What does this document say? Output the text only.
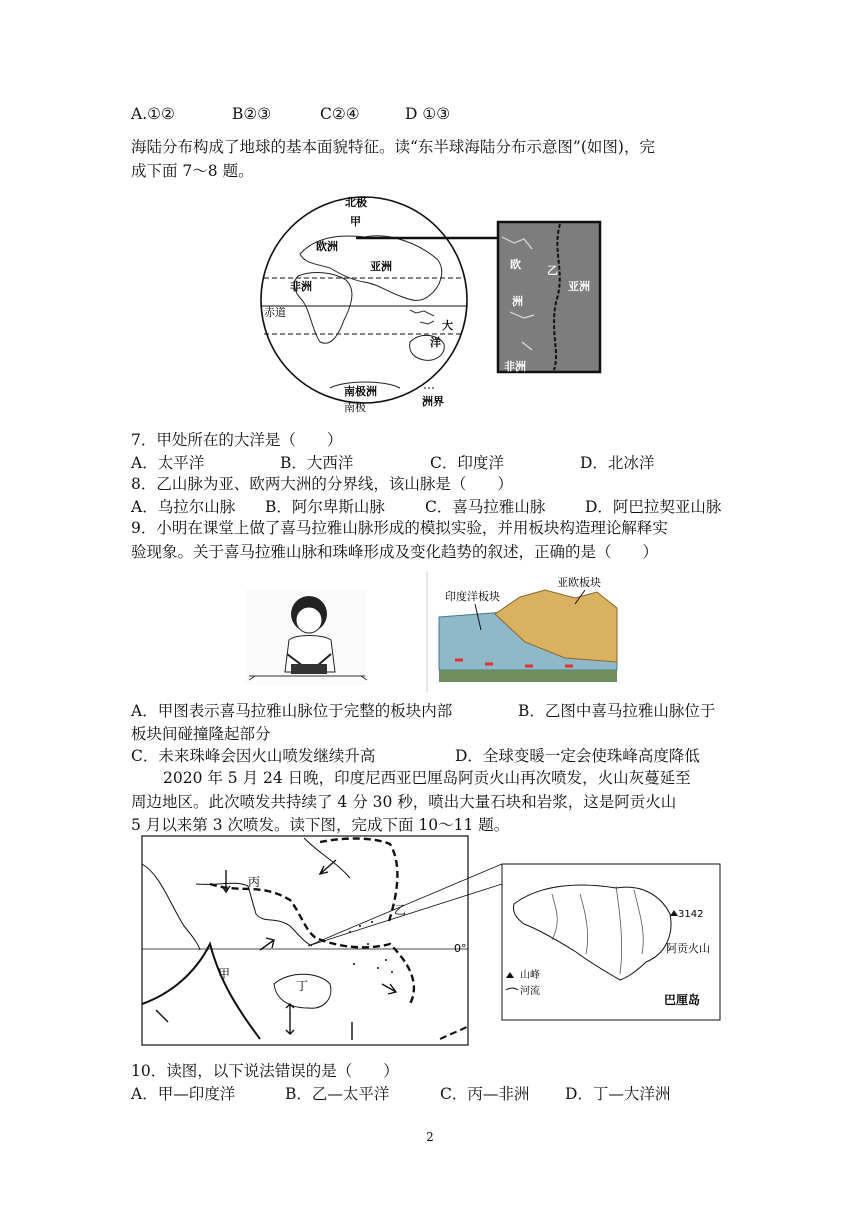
A.①②	B②③	C②④	D ①③
海陆分布构成了地球的基本面貌特征。读“东半球海陆分布示意图”(如图)，完
成下面 7～8 题。
北极
甲
欧洲
亚洲
非洲
赤道
大
洋
南极洲
南极	洲界
欧 乙
亚洲
洲
非洲
7．甲处所在的大洋是（　　）
A．太平洋	B．大西洋	C．印度洋	D．北冰洋
8．乙山脉为亚、欧两大洲的分界线，该山脉是（　　）
A．乌拉尔山脉 B．阿尔卑斯山脉	C．喜马拉雅山脉	D．阿巴拉契亚山脉
9．小明在课堂上做了喜马拉雅山脉形成的模拟实验，并用板块构造理论解释实
验现象。关于喜马拉雅山脉和珠峰形成及变化趋势的叙述，正确的是（　　）
印度洋板块
亚欧板块
A．甲图表示喜马拉雅山脉位于完整的板块内部	B．乙图中喜马拉雅山脉位于
板块间碰撞隆起部分
C．未来珠峰会因火山喷发继续升高	D．全球变暖一定会使珠峰高度降低
2020 年 5 月 24 日晚，印度尼西亚巴厘岛阿贡火山再次喷发，火山灰蔓延至
周边地区。此次喷发共持续了 4 分 30 秒，喷出大量石块和岩浆，这是阿贡火山
5 月以来第 3 次喷发。读下图，完成下面 10～11 题。
丙
乙
甲
丁
0°
3142
阿贡火山
山峰
河流
巴厘岛
10．读图，以下说法错误的是（　　）
A．甲—印度洋	B．乙—太平洋	C．丙—非洲 D．丁—大洋洲
2
